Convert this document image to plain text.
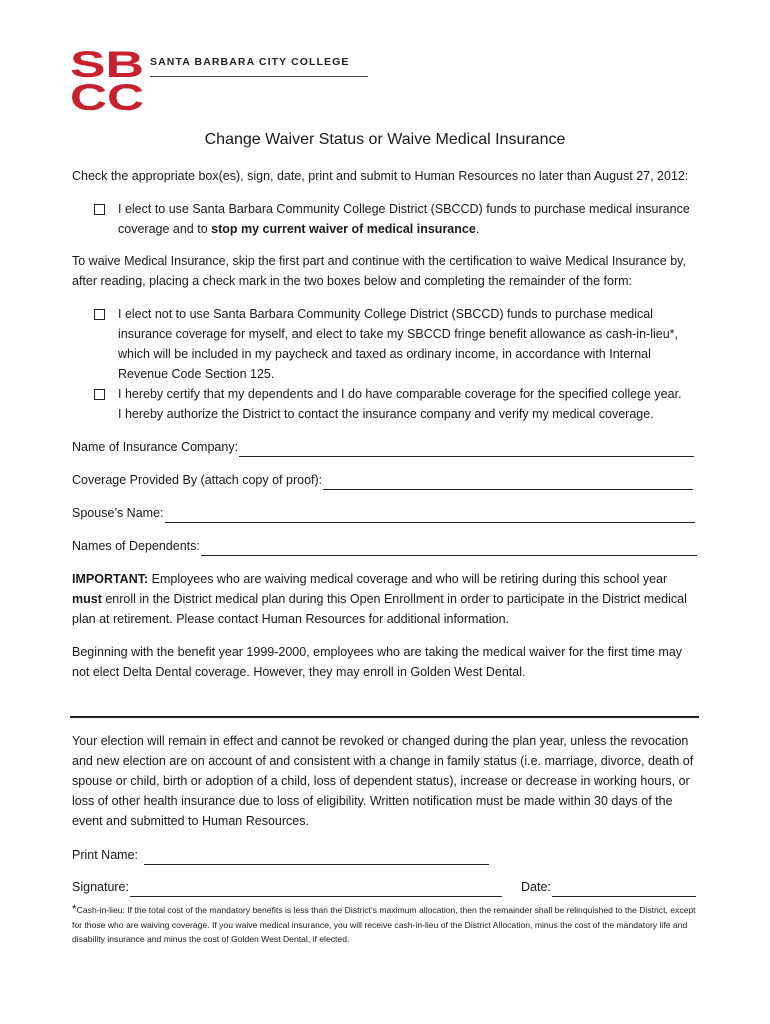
SB
CC
SANTA BARBARA CITY COLLEGE
Change Waiver Status or Waive Medical Insurance
Check the appropriate box(es), sign, date, print and submit to Human Resources no later than August 27, 2012:
I elect to use Santa Barbara Community College District (SBCCD) funds to purchase medical insurance coverage and to stop my current waiver of medical insurance.
To waive Medical Insurance, skip the first part and continue with the certification to waive Medical Insurance by, after reading, placing a check mark in the two boxes below and completing the remainder of the form:
I elect not to use Santa Barbara Community College District (SBCCD) funds to purchase medical insurance coverage for myself, and elect to take my SBCCD fringe benefit allowance as cash-in-lieu*, which will be included in my paycheck and taxed as ordinary income, in accordance with Internal Revenue Code Section 125.
I hereby certify that my dependents and I do have comparable coverage for the specified college year. I hereby authorize the District to contact the insurance company and verify my medical coverage.
Name of Insurance Company:
Coverage Provided By (attach copy of proof):
Spouse’s Name:
Names of Dependents:
IMPORTANT: Employees who are waiving medical coverage and who will be retiring during this school year must enroll in the District medical plan during this Open Enrollment in order to participate in the District medical plan at retirement. Please contact Human Resources for additional information.
Beginning with the benefit year 1999-2000, employees who are taking the medical waiver for the first time may not elect Delta Dental coverage. However, they may enroll in Golden West Dental.
Your election will remain in effect and cannot be revoked or changed during the plan year, unless the revocation and new election are on account of and consistent with a change in family status (i.e. marriage, divorce, death of spouse or child, birth or adoption of a child, loss of dependent status), increase or decrease in working hours, or loss of other health insurance due to loss of eligibility. Written notification must be made within 30 days of the event and submitted to Human Resources.
Print Name:
Signature:	Date:
*Cash-in-lieu: If the total cost of the mandatory benefits is less than the District’s maximum allocation, then the remainder shall be relinquished to the District, except for those who are waiving coverage. If you waive medical insurance, you will receive cash-in-lieu of the District Allocation, minus the cost of the mandatory life and disability insurance and minus the cost of Golden West Dental, if elected.
